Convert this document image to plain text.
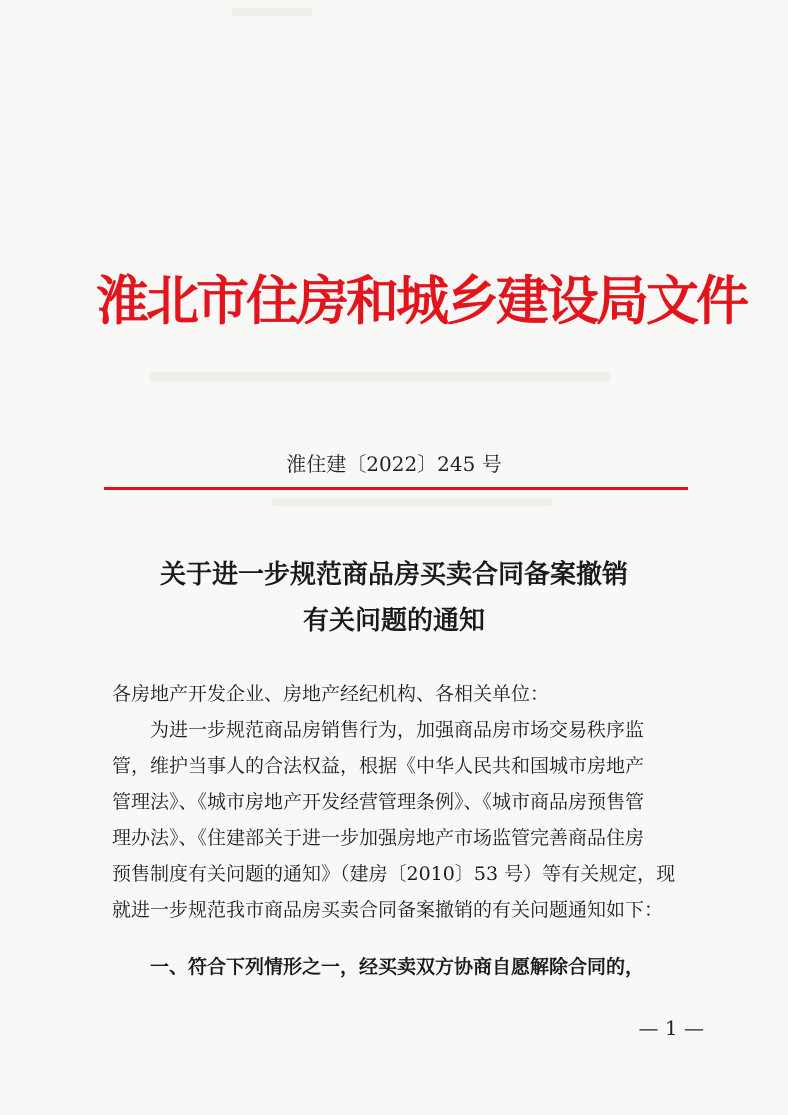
淮北市住房和城乡建设局文件
淮住建〔2022〕245 号
关于进一步规范商品房买卖合同备案撤销
有关问题的通知

各房地产开发企业、房地产经纪机构、各相关单位：

为进一步规范商品房销售行为，加强商品房市场交易秩序监
管，维护当事人的合法权益，根据《中华人民共和国城市房地产
管理法》、《城市房地产开发经营管理条例》、《城市商品房预售管
理办法》、《住建部关于进一步加强房地产市场监管完善商品住房
预售制度有关问题的通知》（建房〔2010〕53 号）等有关规定，现
就进一步规范我市商品房买卖合同备案撤销的有关问题通知如下：
一、符合下列情形之一，经买卖双方协商自愿解除合同的，
— 1 —
